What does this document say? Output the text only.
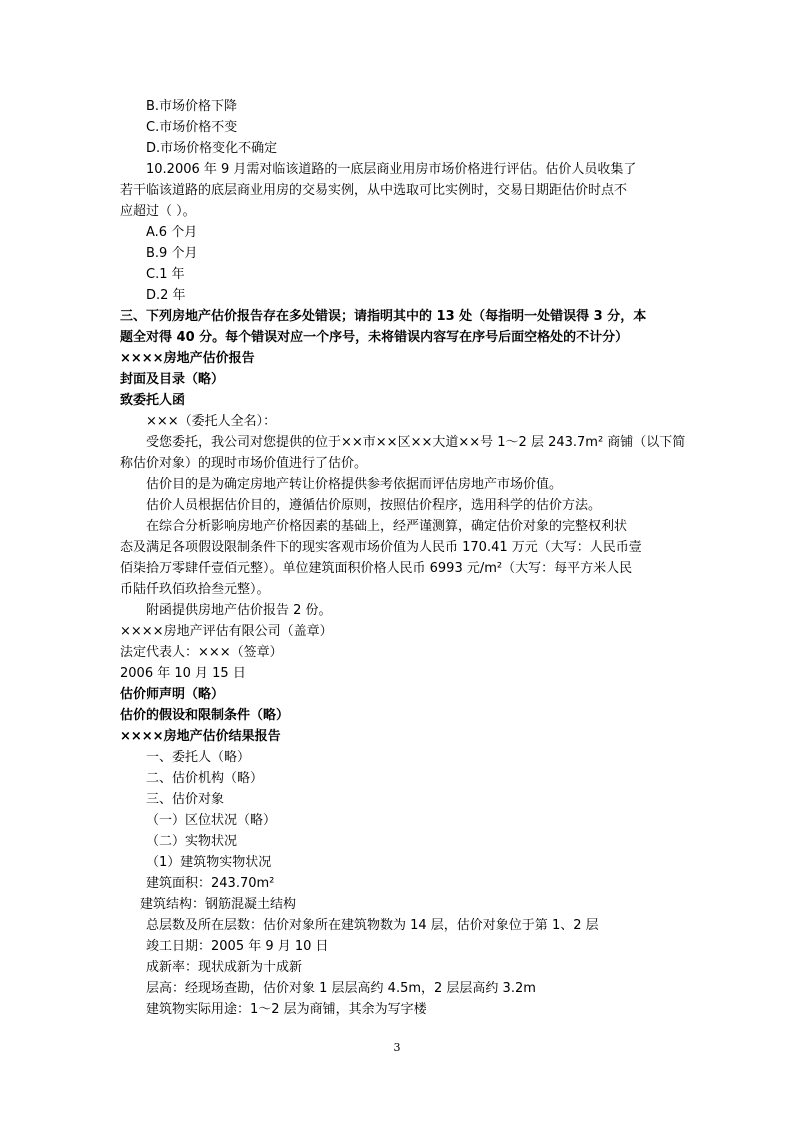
B.市场价格下降
C.市场价格不变
D.市场价格变化不确定
10.2006 年 9 月需对临该道路的一底层商业用房市场价格进行评估。估价人员收集了
若干临该道路的底层商业用房的交易实例，从中选取可比实例时，交易日期距估价时点不
应超过（ ）。
A.6 个月
B.9 个月
C.1 年
D.2 年
三、下列房地产估价报告存在多处错误；请指明其中的 13 处（每指明一处错误得 3 分，本
题全对得 40 分。每个错误对应一个序号，未将错误内容写在序号后面空格处的不计分）
××××房地产估价报告
封面及目录（略）
致委托人函
×××（委托人全名）：
受您委托，我公司对您提供的位于××市××区××大道××号 1～2 层 243.7m² 商铺（以下简
称估价对象）的现时市场价值进行了估价。
估价目的是为确定房地产转让价格提供参考依据而评估房地产市场价值。
估价人员根据估价目的，遵循估价原则，按照估价程序，选用科学的估价方法。
在综合分析影响房地产价格因素的基础上，经严谨测算，确定估价对象的完整权利状
态及满足各项假设限制条件下的现实客观市场价值为人民币 170.41 万元（大写：人民币壹
佰柒拾万零肆仟壹佰元整）。单位建筑面积价格人民币 6993 元/m²（大写：每平方米人民
币陆仟玖佰玖拾叁元整）。
附函提供房地产估价报告 2 份。
××××房地产评估有限公司（盖章）
法定代表人：×××（签章）
2006 年 10 月 15 日
估价师声明（略）
估价的假设和限制条件（略）
××××房地产估价结果报告
一、委托人（略）
二、估价机构（略）
三、估价对象
（一）区位状况（略）
（二）实物状况
（1）建筑物实物状况
建筑面积：243.70m²
建筑结构：钢筋混凝土结构
总层数及所在层数：估价对象所在建筑物数为 14 层，估价对象位于第 1、2 层
竣工日期：2005 年 9 月 10 日
成新率：现状成新为十成新
层高：经现场查勘，估价对象 1 层层高约 4.5m，2 层层高约 3.2m
建筑物实际用途：1～2 层为商铺，其余为写字楼
3
